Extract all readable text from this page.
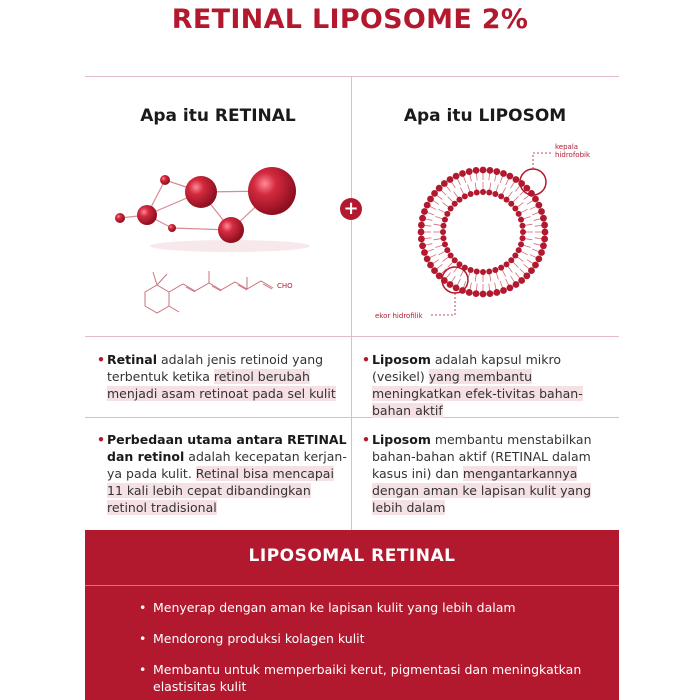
RETINAL LIPOSOME 2%
Apa itu RETINAL	Apa itu LIPOSOM
+
CHO
kepala
hidrofobik
ekor hidrofilik
• Retinal adalah jenis retinoid yang terbentuk ketika retinol berubah menjadi asam retinoat pada sel kulit
• Liposom adalah kapsul mikro (vesikel) yang membantu meningkatkan efek-tivitas bahan-bahan aktif
• Perbedaan utama antara RETINAL dan retinol adalah kecepatan kerjan-ya pada kulit. Retinal bisa mencapai 11 kali lebih cepat dibandingkan retinol tradisional
• Liposom membantu menstabilkan bahan-bahan aktif (RETINAL dalam kasus ini) dan mengantarkannya dengan aman ke lapisan kulit yang lebih dalam
LIPOSOMAL RETINAL
• Menyerap dengan aman ke lapisan kulit yang lebih dalam
• Mendorong produksi kolagen kulit
• Membantu untuk memperbaiki kerut, pigmentasi dan meningkatkan elastisitas kulit
